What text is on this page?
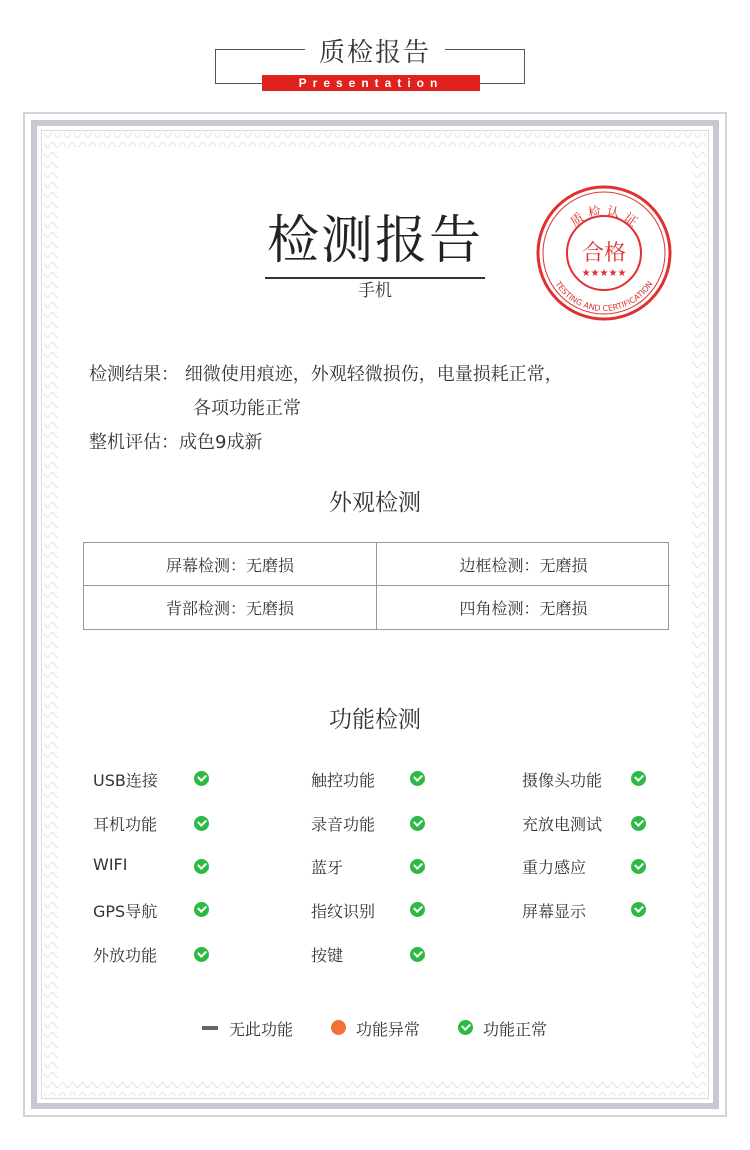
质检报告
Presentation
检测报告
手机
质 检 认 证
TESTING AND CERTIFICATION
合格
★★★★★
检测结果： 细微使用痕迹，外观轻微损伤，电量损耗正常，
各项功能正常
整机评估：成色9成新
外观检测
屏幕检测：无磨损	边框检测：无磨损
背部检测：无磨损	四角检测：无磨损
功能检测
USB连接	触控功能	摄像头功能
耳机功能	录音功能	充放电测试
WIFI	蓝牙	重力感应
GPS导航	指纹识别	屏幕显示
外放功能	按键
无此功能	功能异常	功能正常
